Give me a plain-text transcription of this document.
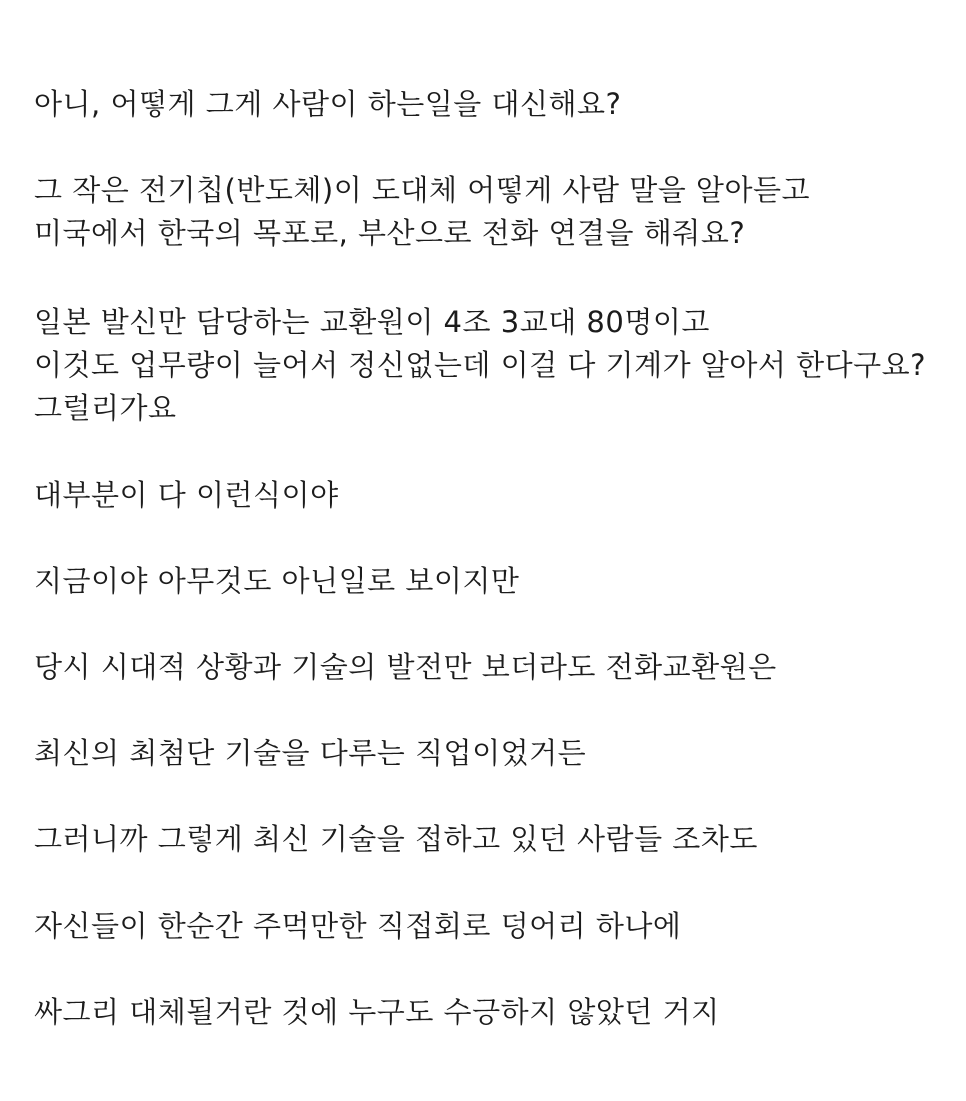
아니, 어떻게 그게 사람이 하는일을 대신해요?

그 작은 전기칩(반도체)이 도대체 어떻게 사람 말을 알아듣고

미국에서 한국의 목포로, 부산으로 전화 연결을 해줘요?

일본 발신만 담당하는 교환원이 4조 3교대 80명이고

이것도 업무량이 늘어서 정신없는데 이걸 다 기계가 알아서 한다구요?

그럴리가요

대부분이 다 이런식이야

지금이야 아무것도 아닌일로 보이지만

당시 시대적 상황과 기술의 발전만 보더라도 전화교환원은

최신의 최첨단 기술을 다루는 직업이었거든

그러니까 그렇게 최신 기술을 접하고 있던 사람들 조차도

자신들이 한순간 주먹만한 직접회로 덩어리 하나에

싸그리 대체될거란 것에 누구도 수긍하지 않았던 거지
